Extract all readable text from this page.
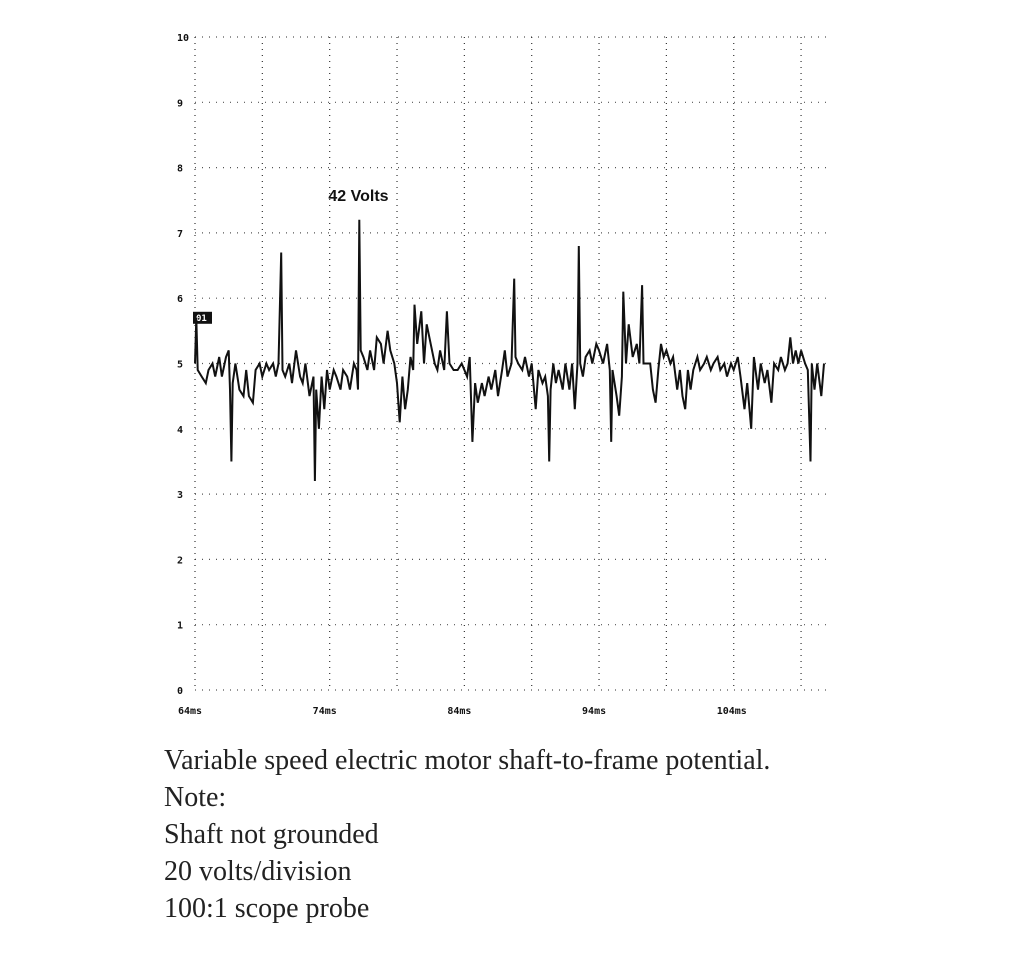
0
1
2
3
4
5
6
7
8
9
10
64ms	74ms	84ms	94ms	104ms
01
42 Volts
Variable speed electric motor shaft-to-frame potential.
Note:
Shaft not grounded
20 volts/division
100:1 scope probe
